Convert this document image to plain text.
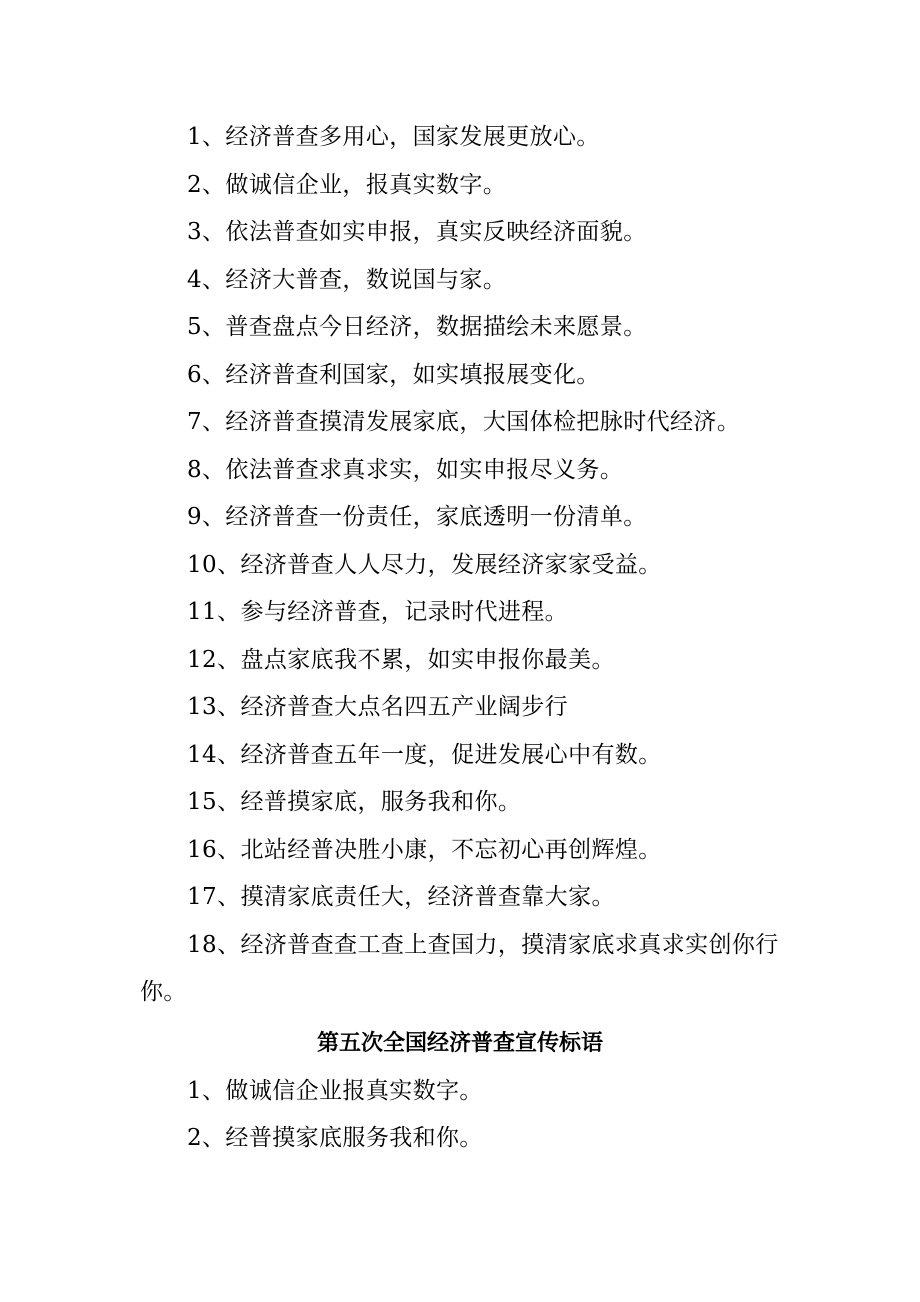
1、经济普查多用心，国家发展更放心。

2、做诚信企业，报真实数字。

3、依法普查如实申报，真实反映经济面貌。

4、经济大普查，数说国与家。

5、普查盘点今日经济，数据描绘未来愿景。

6、经济普查利国家，如实填报展变化。

7、经济普查摸清发展家底，大国体检把脉时代经济。

8、依法普查求真求实，如实申报尽义务。

9、经济普查一份责任，家底透明一份清单。

10、经济普查人人尽力，发展经济家家受益。

11、参与经济普查，记录时代进程。

12、盘点家底我不累，如实申报你最美。

13、经济普查大点名四五产业阔步行

14、经济普查五年一度，促进发展心中有数。

15、经普摸家底，服务我和你。

16、北站经普决胜小康，不忘初心再创辉煌。

17、摸清家底责任大，经济普查靠大家。

18、经济普查查工查上查国力，摸清家底求真求实创你行你。

第五次全国经济普查宣传标语

1、做诚信企业报真实数字。

2、经普摸家底服务我和你。
